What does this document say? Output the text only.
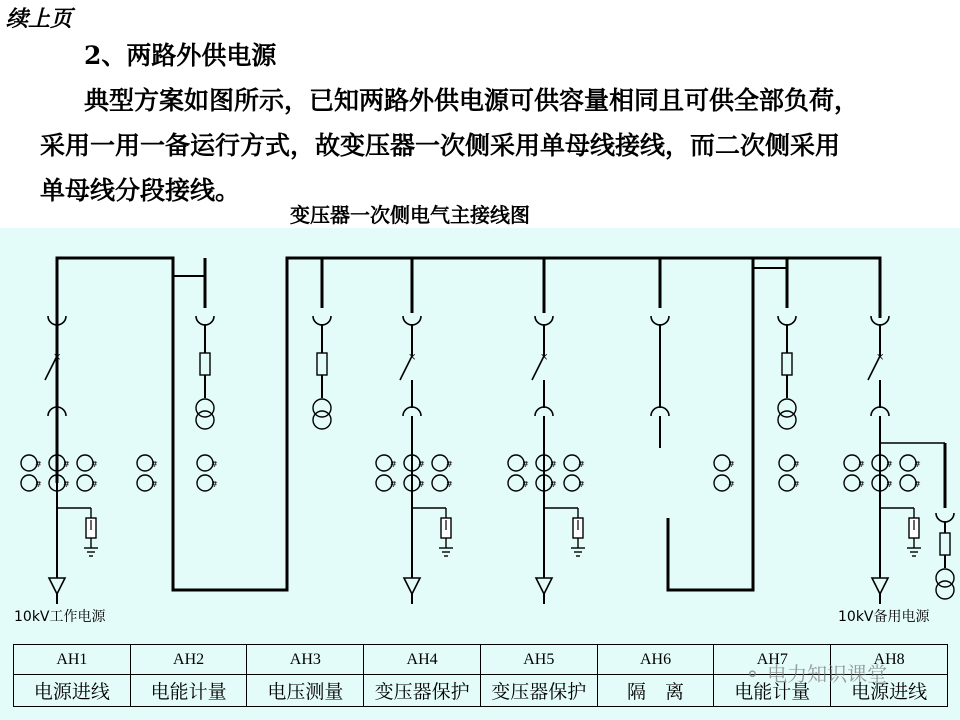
续上页
2、两路外供电源
典型方案如图所示，已知两路外供电源可供容量相同且可供全部负荷，
采用一用一备运行方式，故变压器一次侧采用单母线接线，而二次侧采用
单母线分段接线。
变压器一次侧电气主接线图
×
#
#
#
#
#
#
×
#
#
#
#
#
#
×
#
#
#
#
#
#
×
#
#
#
#
#
#
#
#
#
#
#
#
#
#
10kV工作电源	10kV备用电源
AH1	AH2	AH3	AH4	AH5	AH6	AH7	AH8
电源进线	电能计量	电压测量	变压器保护	变压器保护	隔　离	电能计量	电源进线
⚬ 电力知识课堂
